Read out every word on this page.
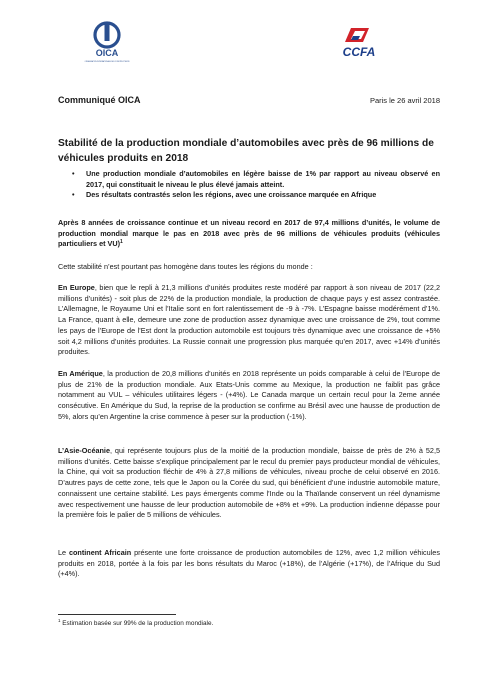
OICA
ORGANISATION INTERNATIONALE DES CONSTRUCTEURS
CCFA

Communiqué OICA	Paris le 26 avril 2018

Stabilité de la production mondiale d’automobiles avec près de 96 millions de véhicules produits en 2018

• Une production mondiale d’automobiles en légère baisse de 1% par rapport au niveau observé en 2017, qui constituait le niveau le plus élevé jamais atteint.
• Des résultats contrastés selon les régions, avec une croissance marquée en Afrique

Après 8 années de croissance continue et un niveau record en 2017 de 97,4 millions d’unités, le volume de production mondial marque le pas en 2018 avec près de 96 millions de véhicules produits (véhicules particuliers et VU)$^1$

Cette stabilité n’est pourtant pas homogène dans toutes les régions du monde :

En Europe, bien que le repli à 21,3 millions d’unités produites reste modéré par rapport à son niveau de 2017 (22,2 millions d’unités) - soit plus de 22% de la production mondiale, la production de chaque pays y est assez contrastée. L’Allemagne, le Royaume Uni et l’Italie sont en fort ralentissement de -9 à -7%. L’Espagne baisse modérément d’1%. La France, quant à elle, demeure une zone de production assez dynamique avec une croissance de 2%, tout comme les pays de l’Europe de l’Est dont la production automobile est toujours très dynamique avec une croissance de +5% soit 4,2 millions d’unités produites. La Russie connait une progression plus marquée qu’en 2017, avec +14% d’unités produites.

En Amérique, la production de 20,8 millions d’unités en 2018 représente un poids comparable à celui de l’Europe de plus de 21% de la production mondiale. Aux Etats-Unis comme au Mexique, la production ne faiblit pas grâce notamment au VUL – véhicules utilitaires légers - (+4%). Le Canada marque un certain recul pour la 2eme année consécutive. En Amérique du Sud, la reprise de la production se confirme au Brésil avec une hausse de production de 5%, alors qu’en Argentine la crise commence à peser sur la production (-1%).

L’Asie-Océanie, qui représente toujours plus de la moitié de la production mondiale, baisse de près de 2% à 52,5 millions d’unités. Cette baisse s’explique principalement par le recul du premier pays producteur mondial de véhicules, la Chine, qui voit sa production fléchir de 4% à 27,8 millions de véhicules, niveau proche de celui observé en 2016. D’autres pays de cette zone, tels que le Japon ou la Corée du sud, qui bénéficient d’une industrie automobile mature, connaissent une certaine stabilité. Les pays émergents comme l’Inde ou la Thaïlande conservent un réel dynamisme avec respectivement une hausse de leur production automobile de +8% et +9%. La production indienne dépasse pour la première fois le palier de 5 millions de véhicules.

Le continent Africain présente une forte croissance de production automobiles de 12%, avec 1,2 million véhicules produits en 2018, portée à la fois par les bons résultats du Maroc (+18%), de l’Algérie (+17%), de l’Afrique du Sud (+4%).

$^1$ Estimation basée sur 99% de la production mondiale.
